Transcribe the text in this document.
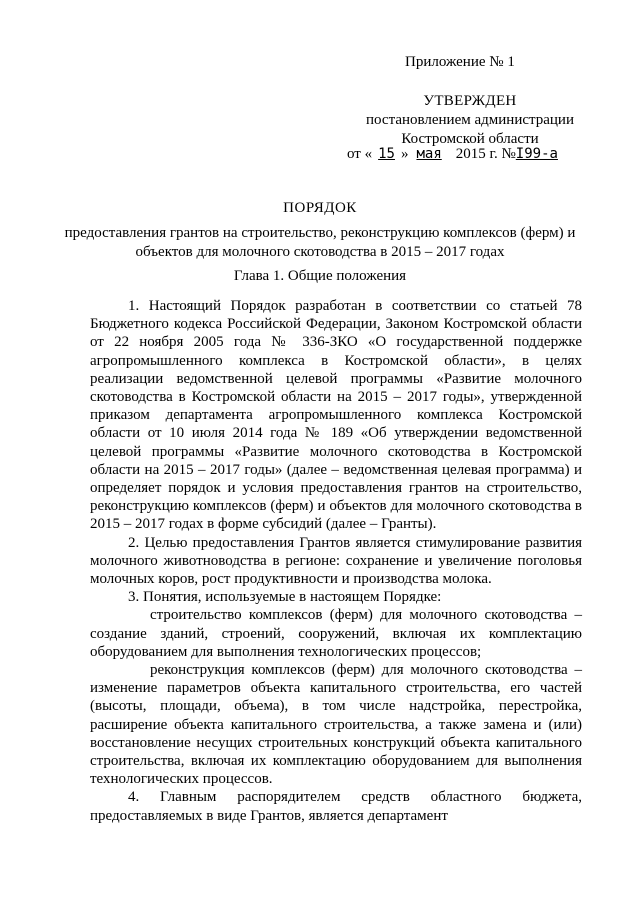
Приложение № 1
УТВЕРЖДЕН
постановлением администрации
Костромской области
от « 15 » мая 2015 г. №I99-а
ПОРЯДОК
предоставления грантов на строительство, реконструкцию комплексов (ферм) и объектов для молочного скотоводства в 2015 – 2017 годах
Глава 1. Общие положения

1. Настоящий Порядок разработан в соответствии со статьей 78 Бюджетного кодекса Российской Федерации, Законом Костромской области от 22 ноября 2005 года № 336-ЗКО «О государственной поддержке агропромышленного комплекса в Костромской области», в целях реализации ведомственной целевой программы «Развитие молочного скотоводства в Костромской области на 2015 – 2017 годы», утвержденной приказом департамента агропромышленного комплекса Костромской области от 10 июля 2014 года № 189 «Об утверждении ведомственной целевой программы «Развитие молочного скотоводства в Костромской области на 2015 – 2017 годы» (далее – ведомственная целевая программа) и определяет порядок и условия предоставления грантов на строительство, реконструкцию комплексов (ферм) и объектов для молочного скотоводства в 2015 – 2017 годах в форме субсидий (далее – Гранты).

2. Целью предоставления Грантов является стимулирование развития молочного животноводства в регионе: сохранение и увеличение поголовья молочных коров, рост продуктивности и производства молока.

3. Понятия, используемые в настоящем Порядке:

строительство комплексов (ферм) для молочного скотоводства – создание зданий, строений, сооружений, включая их комплектацию оборудованием для выполнения технологических процессов;

реконструкция комплексов (ферм) для молочного скотоводства – изменение параметров объекта капитального строительства, его частей (высоты, площади, объема), в том числе надстройка, перестройка, расширение объекта капитального строительства, а также замена и (или) восстановление несущих строительных конструкций объекта капитального строительства, включая их комплектацию оборудованием для выполнения технологических процессов.

4. Главным распорядителем средств областного бюджета, предоставляемых в виде Грантов, является департамент
